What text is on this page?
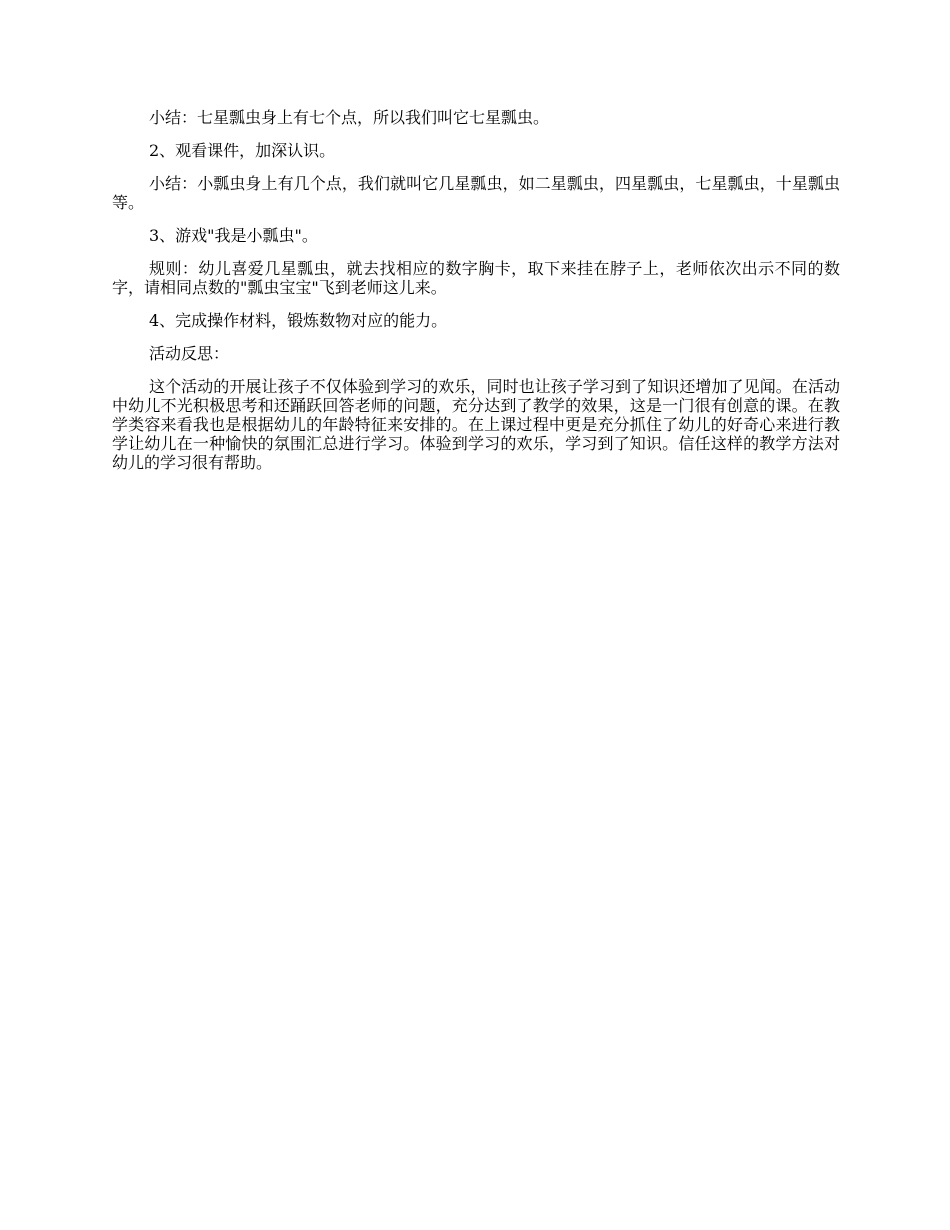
小结：七星瓢虫身上有七个点，所以我们叫它七星瓢虫。

2、观看课件，加深认识。

小结：小瓢虫身上有几个点，我们就叫它几星瓢虫，如二星瓢虫，四星瓢虫，七星瓢虫，十星瓢虫等。

3、游戏"我是小瓢虫"。

规则：幼儿喜爱几星瓢虫，就去找相应的数字胸卡，取下来挂在脖子上，老师依次出示不同的数字，请相同点数的"瓢虫宝宝"飞到老师这儿来。

4、完成操作材料，锻炼数物对应的能力。

活动反思：

这个活动的开展让孩子不仅体验到学习的欢乐，同时也让孩子学习到了知识还增加了见闻。在活动中幼儿不光积极思考和还踊跃回答老师的问题，充分达到了教学的效果，这是一门很有创意的课。在教学类容来看我也是根据幼儿的年龄特征来安排的。在上课过程中更是充分抓住了幼儿的好奇心来进行教学让幼儿在一种愉快的氛围汇总进行学习。体验到学习的欢乐，学习到了知识。信任这样的教学方法对幼儿的学习很有帮助。
